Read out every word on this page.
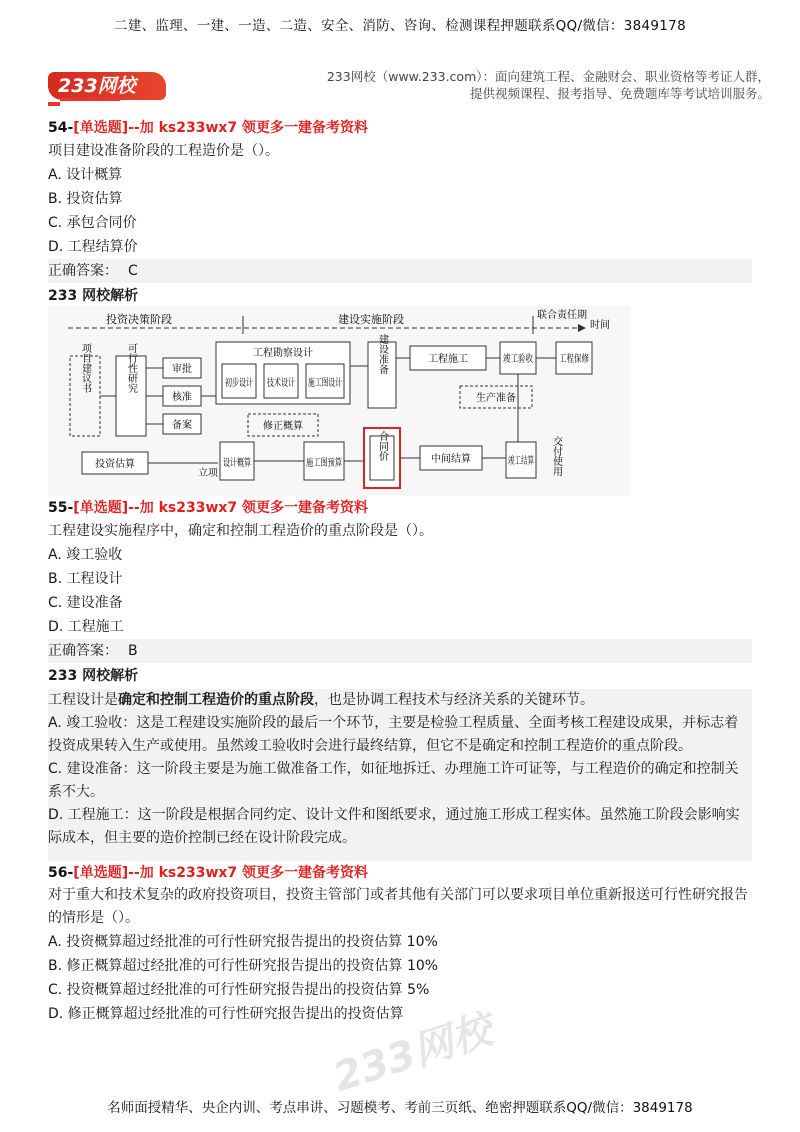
二建、监理、一建、一造、二造、安全、消防、咨询、检测课程押题联系QQ/微信：3849178
233网校	233网校（www.233.com）：面向建筑工程、金融财会、职业资格等考证人群，
提供视频课程、报考指导、免费题库等考试培训服务。
54-[单选题]--加 ks233wx7 领更多一建备考资料
项目建设准备阶段的工程造价是（）。
A. 设计概算
B. 投资估算
C. 承包合同价
D. 工程结算价
正确答案： C
233 网校解析
投资决策阶段	建设实施阶段	联合责任期
时间
项目建议书	可行性研究	审批
核准
备案
工程勘察设计
初步设计 技术设计 施工图设计
修正概算
建设准备	工程施工	竣工验收 工程保修
生产准备
投资估算
立项
设计概算	施工图预算
合同价	中间结算	竣工结算 交付使用
55-[单选题]--加 ks233wx7 领更多一建备考资料
工程建设实施程序中，确定和控制工程造价的重点阶段是（）。
A. 竣工验收
B. 工程设计
C. 建设准备
D. 工程施工
正确答案： B
233 网校解析
工程设计是确定和控制工程造价的重点阶段，也是协调工程技术与经济关系的关键环节。
A. 竣工验收：这是工程建设实施阶段的最后一个环节，主要是检验工程质量、全面考核工程建设成果，并标志着投资成果转入生产或使用。虽然竣工验收时会进行最终结算，但它不是确定和控制工程造价的重点阶段。
C. 建设准备：这一阶段主要是为施工做准备工作，如征地拆迁、办理施工许可证等，与工程造价的确定和控制关系不大。
D. 工程施工：这一阶段是根据合同约定、设计文件和图纸要求，通过施工形成工程实体。虽然施工阶段会影响实际成本，但主要的造价控制已经在设计阶段完成。
56-[单选题]--加 ks233wx7 领更多一建备考资料
对于重大和技术复杂的政府投资项目，投资主管部门或者其他有关部门可以要求项目单位重新报送可行性研究报告的情形是（）。
A. 投资概算超过经批准的可行性研究报告提出的投资估算 10%
B. 修正概算超过经批准的可行性研究报告提出的投资估算 10%
C. 投资概算超过经批准的可行性研究报告提出的投资估算 5%
D. 修正概算超过经批准的可行性研究报告提出的投资估算
233网校
名师面授精华、央企内训、考点串讲、习题模考、考前三页纸、绝密押题联系QQ/微信：3849178
